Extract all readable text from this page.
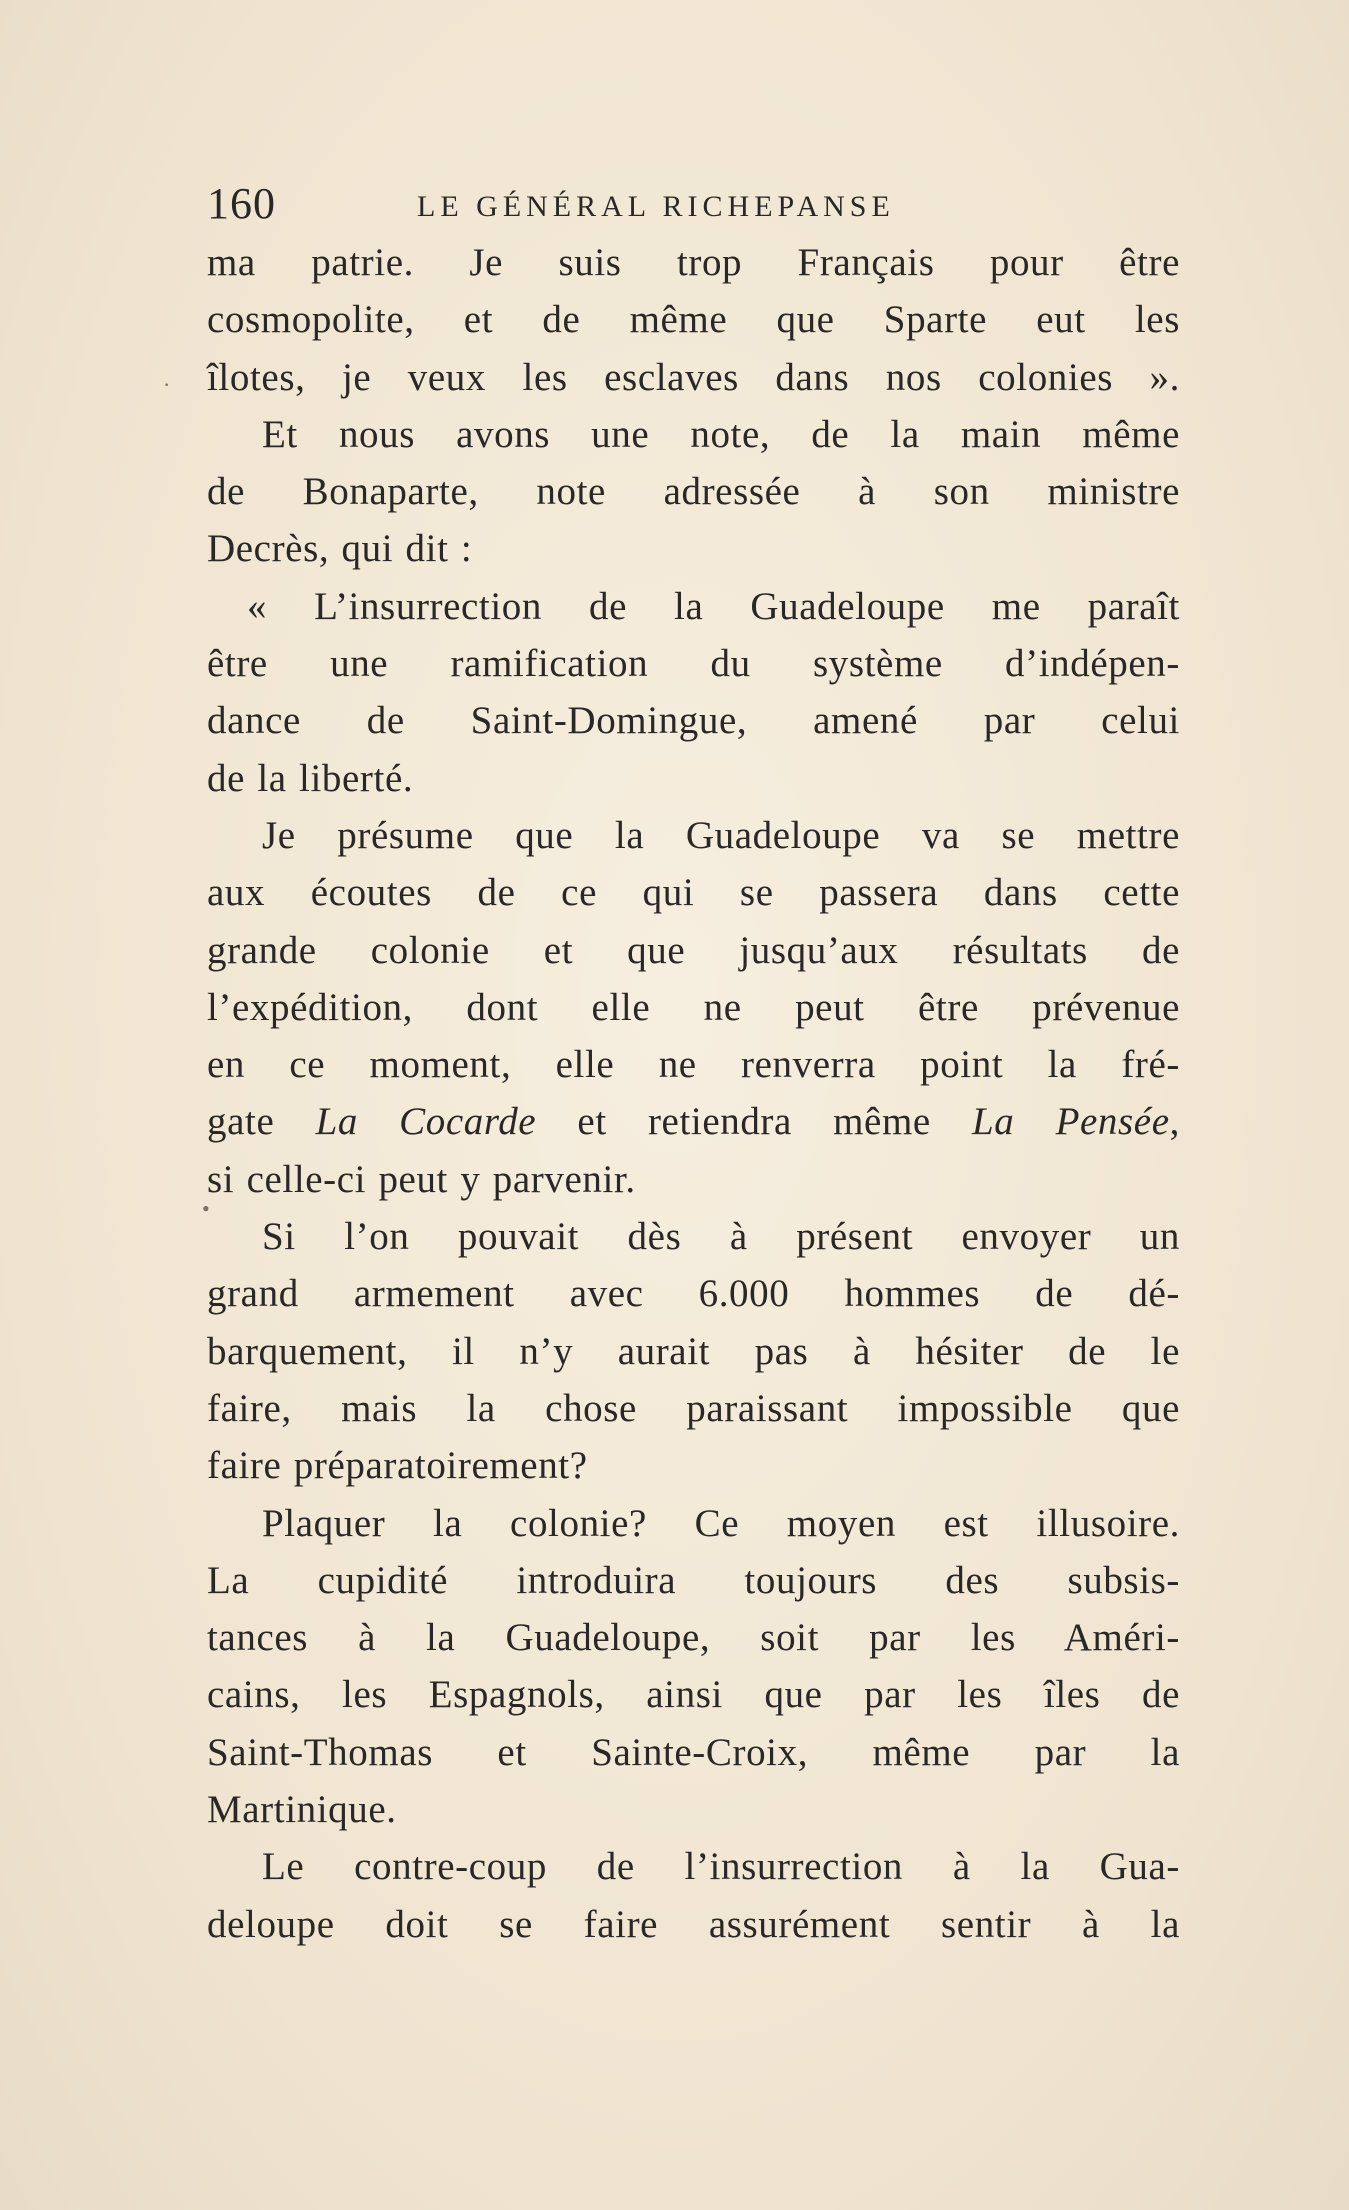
160	LE GÉNÉRAL RICHEPANSE
ma patrie. Je suis trop Français pour être
cosmopolite, et de même que Sparte eut les
îlotes, je veux les esclaves dans nos colonies ».
Et nous avons une note, de la main même
de Bonaparte, note adressée à son ministre
Decrès, qui dit :
« L’insurrection de la Guadeloupe me paraît
être une ramification du système d’indépen-
dance de Saint-Domingue, amené par celui
de la liberté.
Je présume que la Guadeloupe va se mettre
aux écoutes de ce qui se passera dans cette
grande colonie et que jusqu’aux résultats de
l’expédition, dont elle ne peut être prévenue
en ce moment, elle ne renverra point la fré-
gate La Cocarde et retiendra même La Pensée,
si celle-ci peut y parvenir.
Si l’on pouvait dès à présent envoyer un
grand armement avec 6.000 hommes de dé-
barquement, il n’y aurait pas à hésiter de le
faire, mais la chose paraissant impossible que
faire préparatoirement?
Plaquer la colonie? Ce moyen est illusoire.
La cupidité introduira toujours des subsis-
tances à la Guadeloupe, soit par les Améri-
cains, les Espagnols, ainsi que par les îles de
Saint-Thomas et Sainte-Croix, même par la
Martinique.
Le contre-coup de l’insurrection à la Gua-
deloupe doit se faire assurément sentir à la
·
•
